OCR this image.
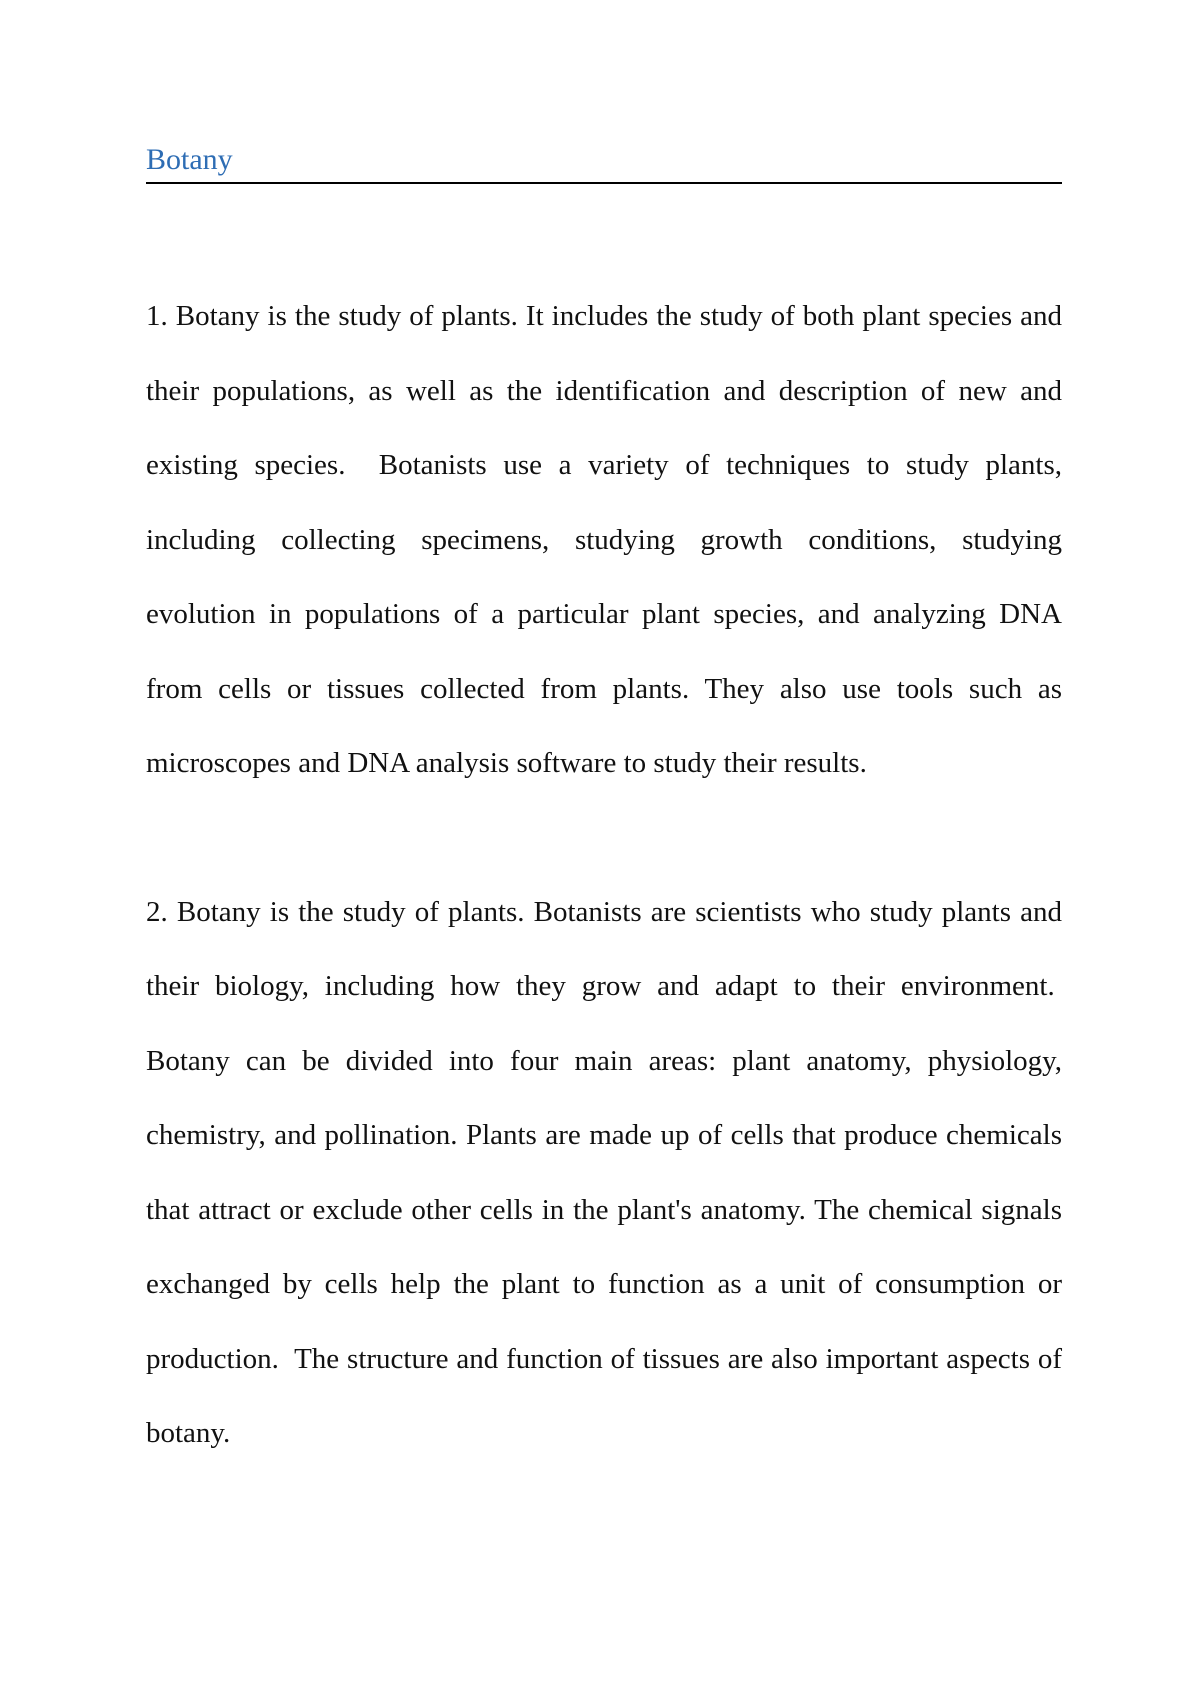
Botany

1. Botany is the study of plants. It includes the study of both plant species and their populations, as well as the identification and description of new and existing species.  Botanists use a variety of techniques to study plants, including collecting specimens, studying growth conditions, studying evolution in populations of a particular plant species, and analyzing DNA from cells or tissues collected from plants. They also use tools such as microscopes and DNA analysis software to study their results.

2. Botany is the study of plants. Botanists are scientists who study plants and their biology, including how they grow and adapt to their environment.  Botany can be divided into four main areas: plant anatomy, physiology, chemistry, and pollination. Plants are made up of cells that produce chemicals that attract or exclude other cells in the plant's anatomy. The chemical signals exchanged by cells help the plant to function as a unit of consumption or production.  The structure and function of tissues are also important aspects of botany.
